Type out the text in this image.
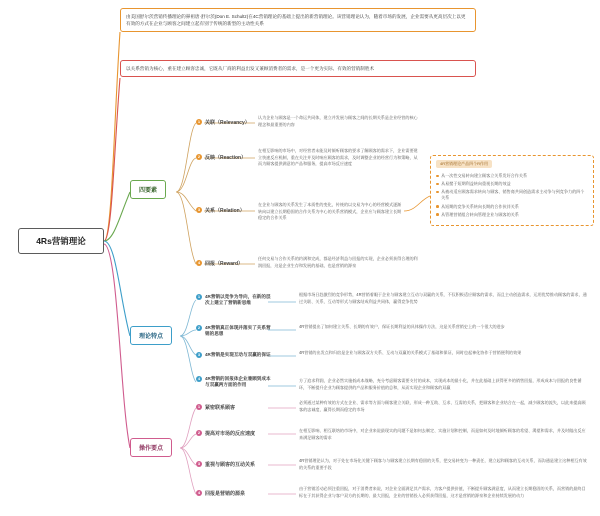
4Rs营销理论
由美国舒尔茨营销传播理论的鼻祖唐·舒尔茨(Don E. Schultz)在4C营销理论的基础上提出的新营销理论。该营销理论认为，随着市场的发展，企业需要从更高层次上以更有效的方式在企业与顾客之间建立起有别于传统的新型的主动性关系
以关系营销为核心，重在建立顾客忠诚，它既从厂商的利益出发又兼顾消费者的需求，是一个更为实际、有效的营销制胜术
四要素
1 关联（Relevancy）
认为企业与顾客是一个命运共同体，建立并发展与顾客之间的长期关系是企业经营的核心理念和最重要的内容
2 反映（Reaction）
在相互影响的市场中，对经营者未能及时倾听顾客的要求了解顾客的需求下，企业需要建立快速反应机制，重在关注并及时响应顾客的需求，及时调整企业的经营行为和策略，从而为顾客提供满意的产品和服务，提高市场反应速度
3 关系（Relation）
在企业与顾客的关系发生了本质性的变化，传统的以交易为中心的经营模式逐渐转向以建立长期稳固的合作关系为中心的关系营销模式，企业应与顾客建立长期稳定的合作关系
4 回报（Reward）
任何交易与合作关系的约满和完成，都是经济利益与回报的实现，企业必须获得合理的利润回报，这是企业生存和发展的基础，也是营销的源泉
4R营销理论产品四个R作用
从一次性交易转向建立顾客立关系发好合作关系
从易摆于短期利益转向重视长期的效益
从被动适应顾客需求转向与顾客、销售商共同创造需求主动争与到竞争力的四个关系
从短期的竞争关系转向长期的合作伙伴关系
从管理营销组合转向管理企业与顾客的关系
理论特点
1	4R营销以竞争为导向，在新的层次上建立了营销新思维
根据市场日趋激烈的竞争形势，4R营销着眼于企业与顾客建立互动与双赢的关系，不仅积极适应顾客的需求，而且主动创造需求，运用优势推动顾客的需求，通过关联、关系、互动等形式与顾客结成利益共同体，赢得竞争优势
2	4R营销真正体现并落实了关系营销的思想
4R营销提出了如何建立关系、长期的有效户，保证长期利益的具体操作方法，这是关系营销史上的一个很大的进步
3	4R营销是实现互动与双赢的保证	4R营销的出发点和归宿是企业与顾客双方关系、互动与双赢的关系模式了基础和保证，同时也起神化协作于营销便利的效果
4	4R营销的回报体企业兼顾到成本与双赢两方面的作用
方了追求利润，企业必然实施低成本战略，充分考虑顾客需要支付的成本，实现成本的最小化，并在此基础上获得更多的销售回报，形成成本与回报的良性循环，不断提升企业为顾客提供的产品和服务价值的总和，从而实现企业和顾客的双赢
操作要点
1 紧密联系顾客
必须通过某种有效的方式在企业、需求等方面与顾客建立关联，形成一种互助、互求、互需的关系，把顾客和企业结合在一起，减少顾客的流失，以此来提高顾客的忠诚度，赢得长期而稳定的市场
2 提高对市场的反应速度
在相互影响、相互联络的市场中，对企业来说最现实的问题不是如何去制定、实施计划和控制，而是如何及时地倾听顾客的希望、渴望和需求，并及时做出反应来满足顾客的需求
3 重视与顾客的互动关系
4R营销理论认为，对于处在市场化关键下顾客与与顾客建立长期有稳固的关系，把交易转变为一种责任，建立起和顾客的互动关系，而沟通是建立这种相互有效的关系的重要手段
4 回报是营销的源泉
由于营销活动必须注重回报，对于消费者来说，对企业全面满足其产需求，为客户提供价值，不断提升顾客满意度，从而建立长期稳固的关系，而营销的最终目标在于其获得企业与客户双方的长期的、最大回报，企业的营销投入必须获得回报，这才是营销的源泉和企业持续发展的动力
